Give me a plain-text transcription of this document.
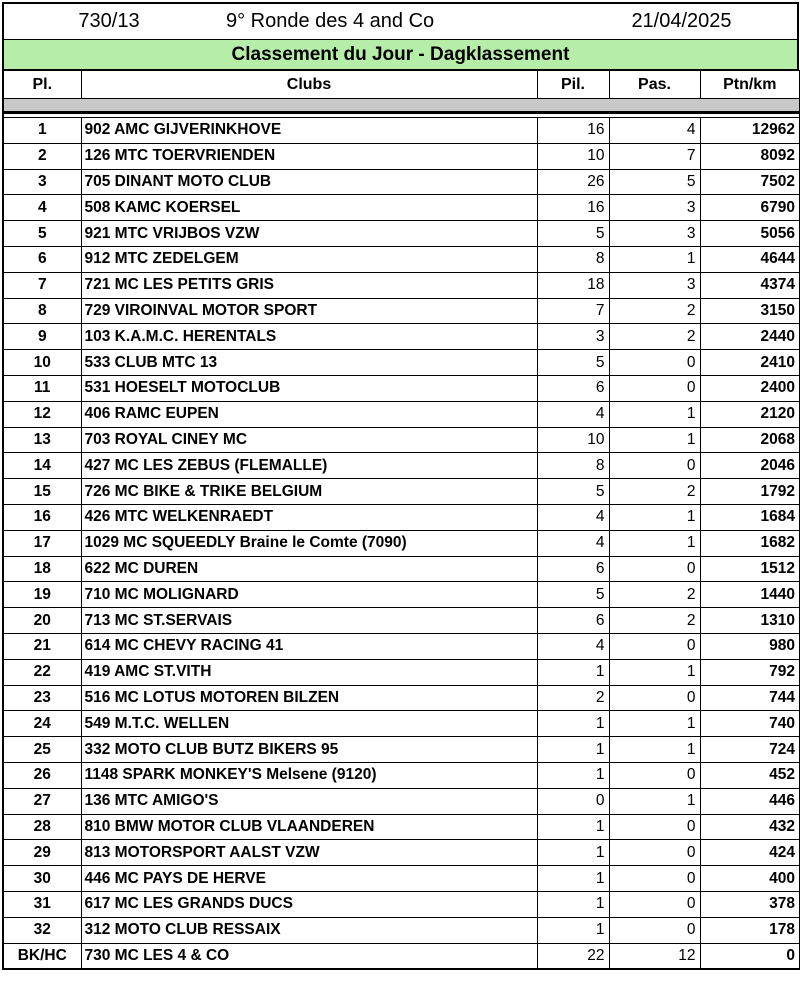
730/13	9° Ronde des 4 and Co	21/04/2025
Classement du Jour - Dagklassement
Pl.	Clubs	Pil.	Pas.	Ptn/km

1	902 AMC GIJVERINKHOVE	16	4	12962
2	126 MTC TOERVRIENDEN	10	7	8092
3	705 DINANT MOTO CLUB	26	5	7502
4	508 KAMC KOERSEL	16	3	6790
5	921 MTC VRIJBOS VZW	5	3	5056
6	912 MTC ZEDELGEM	8	1	4644
7	721 MC LES PETITS GRIS	18	3	4374
8	729 VIROINVAL MOTOR SPORT	7	2	3150
9	103 K.A.M.C. HERENTALS	3	2	2440
10	533 CLUB MTC 13	5	0	2410
11	531 HOESELT MOTOCLUB	6	0	2400
12	406 RAMC EUPEN	4	1	2120
13	703 ROYAL CINEY MC	10	1	2068
14	427 MC LES ZEBUS (FLEMALLE)	8	0	2046
15	726 MC BIKE & TRIKE BELGIUM	5	2	1792
16	426 MTC WELKENRAEDT	4	1	1684
17	1029 MC SQUEEDLY Braine le Comte (7090)	4	1	1682
18	622 MC DUREN	6	0	1512
19	710 MC MOLIGNARD	5	2	1440
20	713 MC ST.SERVAIS	6	2	1310
21	614 MC CHEVY RACING 41	4	0	980
22	419 AMC ST.VITH	1	1	792
23	516 MC LOTUS MOTOREN BILZEN	2	0	744
24	549 M.T.C. WELLEN	1	1	740
25	332 MOTO CLUB BUTZ BIKERS 95	1	1	724
26	1148 SPARK MONKEY'S Melsene (9120)	1	0	452
27	136 MTC AMIGO'S	0	1	446
28	810 BMW MOTOR CLUB VLAANDEREN	1	0	432
29	813 MOTORSPORT AALST VZW	1	0	424
30	446 MC PAYS DE HERVE	1	0	400
31	617 MC LES GRANDS DUCS	1	0	378
32	312 MOTO CLUB RESSAIX	1	0	178
BK/HC	730 MC LES 4 & CO	22	12	0
